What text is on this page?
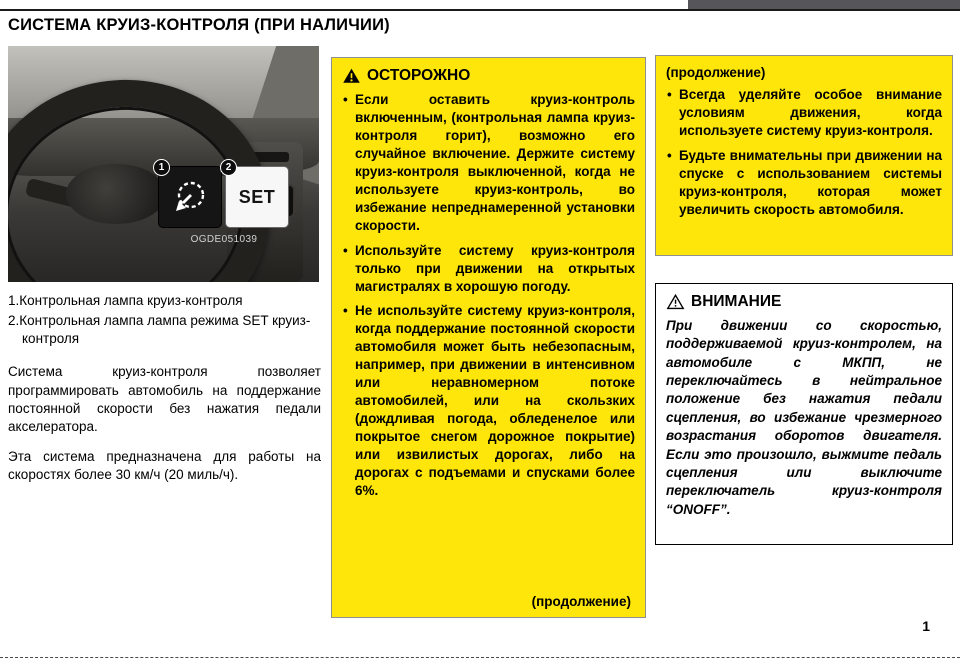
СИСТЕМА КРУИЗ-КОНТРОЛЯ (ПРИ НАЛИЧИИ)
1	2
SET
OGDE051039

1.Контрольная лампа круиз-контроля

2.Контрольная лампа лампа режима SET круиз-контроля

Система круиз-контроля позволяет программировать автомобиль на поддержание постоянной скорости без нажатия педали акселератора.

Эта система предназначена для работы на скоростях более 30 км/ч (20 миль/ч).

ОСТОРОЖНО
• Если оставить круиз-контроль включенным, (контрольная лампа круиз-контроля горит), возможно его случайное включение. Держите систему круиз-контроля выключенной, когда не используете круиз-контроль, во избежание непреднамеренной установки скорости.
• Используйте систему круиз-контроля только при движении на открытых магистралях в хорошую погоду.
• Не используйте систему круиз-контроля, когда поддержание постоянной скорости автомобиля может быть небезопасным, например, при движении в интенсивном или неравномерном потоке автомобилей, или на скользких (дождливая погода, обледенелое или покрытое снегом дорожное покрытие) или извилистых дорогах, либо на дорогах с подъемами и спусками более 6%.
(продолжение)
(продолжение)
• Всегда уделяйте особое внимание условиям движения, когда используете систему круиз-контроля.
• Будьте внимательны при движении на спуске с использованием системы круиз-контроля, которая может увеличить скорость автомобиля.
ВНИМАНИЕ

При движении со скоростью, поддерживаемой круиз-контролем, на автомобиле с МКПП, не переключайтесь в нейтральное положение без нажатия педали сцепления, во избежание чрезмерного возрастания оборотов двигателя. Если это произошло, выжмите педаль сцепления или выключите переключатель круиз-контроля “ONOFF”.

1
